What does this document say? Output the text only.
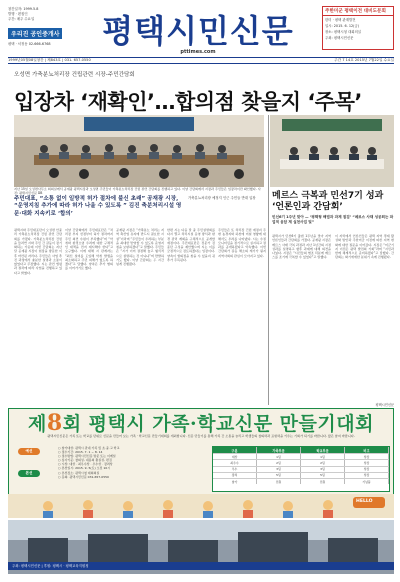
창간일자: 1999.5.8
발행 · 편집인
주간: 매주 수요일
우리진 공인중개사
평택 · 서정동 02-666-6768	평택시민신문
pttimes.com
주한미군 평택이전 대비도문회
한미 · 평택 관계발전
일시: 2015. 6. 12(금)
장소: 평택시청 대회의실
주최: 평택시민신문
1999년05월08일창간 | 제843호 | 031. 657.0550	주간 7 14호 2015년 7월22일 수요일
오성면 가축분뇨처리장 건립관련 시장-주민간담회
입장차 ‘재확인’…합의점 찾을지 ‘주목’
지난 15일 오성면사무소 회의실에서 공재광 평택시장과 오성면 주민들이 가축분뇨처리장 건립 관련 간담회를 진행하고 있다. 이날 간담회에서 시장과 주민들은 입장차이만 확인했다. 사진: 평택시민신문 DB
주민대표, “소통 없이 일방적 허가 절차에 불신 초래” 공재광 시장, “운영지침 추가에 따라 허가 나올 수 있도록 ” 김진 축분처리시설 영문·대화 지속키로 ‘합의’
가축분뇨처리장 예정지 인근 주민들 반대 입장
평택시와 주민대표단이 오성면 안중리 가축분뇨처리장 건립 관련 간담회를 가졌다. 가축분뇨처리장 건립을 둘러싼 시와 주민 간 갈등이 장기화되는 가운데 이번 간담회는 지난달 공재광 시장이 현장을 방문한 이후 마련된 자리다. 주민들은 사업 추진 과정에서 충분한 설명과 소통이 없었다고 주장했다. 시는 관련 법령과 절차에 따라 사업을 진행하고 있다고 밝혔다.
이날 간담회에서 주민대표단은 “처리장 부지 선정부터 허가 절차까지 주민 의견 수렴이 부족했다”며 “악취와 환경오염 우려에 대한 구체적인 대책을 먼저 제시해야 한다”고 요구했다. 이에 대해 시 관계자는 “최신 설비를 도입해 악취 발생을 최소화하고 주민 피해가 없도록 하겠다”고 답했다. 양측은 추가 협의를 이어가기로 했다.
공재광 시장은 “가축분뇨 처리는 지역 축산업 유지에 반드시 필요한 시설”이라며 “주민들이 우려하는 부분을 최대한 반영할 수 있도록 운영지침을 보완하겠다”고 말했다. 주민들은 “시가 이미 결정해 놓고 형식적으로 설명하는 것 아니냐”며 반발하기도 했다. 이날 간담회는 두 시간 넘게 진행됐다.
한편 시는 다음 달 중 주민설명회를 다시 열고 처리시설 운영 방식과 환경 관리 계획을 구체적으로 공개할 예정이다. 주민대표단은 전문가 검증단 구성을 제안했으며 시는 이를 긍정적으로 검토하겠다는 입장이다. 양측이 합의점을 찾을 수 있을지 귀추가 주목된다.
주민들은 또 처리장 건립 예정지 주변 농경지와 하천에 미칠 영향에 대해서도 우려를 나타냈다. 시는 수질 모니터링을 정기적으로 실시하고 결과를 공개하겠다고 약속했다. 이번 간담회가 갈등 해소의 계기가 될지 지역사회의 관심이 모아지고 있다.
메르스 극복과 민선7기 성과 ‘언론인과 간담회’
민선6기 1주년 맞아 — ‘평택형 해법과 과제 점검’ “메르스 사태 성공회는 파업적 응답 제 실천사업 및”
평택시가 민선6기 출범 1주년을 맞아 지역 언론인들과 간담회를 가졌다. 공재광 시장은 메르스 사태 극복 과정과 지난 1년간의 시정 성과를 설명하고 향후 과제에 대해 의견을 나눴다. 시장은 “시민들의 협조 덕분에 메르스를 조기에 극복할 수 있었다”고 말했다.
이 자리에서 언론인들은 평택 지역 경제 활성화 방안과 주한미군 이전에 따른 지역 변화에 대한 질문을 이어갔다. 시장은 “미군기지 이전은 평택 발전의 기회”라며 “시민과 함께 체계적으로 준비하겠다”고 답했다. 간담회는 화기애애한 분위기 속에 진행됐다.
평택시민신문
제8회 평택시 가족·학교신문 만들기대회
평택시민신문은 가족 또는 학교를 단위로 신문을 만들어 보는 가족 · 학교신문 만들기대회를 개최합니다. 신문 만들기를 통해 가족 간 소통을 늘리고 학생들의 창의력과 표현력을 키우는 기회가 되기를 바랍니다. 많은 참여 바랍니다.
예선
본선
○ 참가대상: 평택시 관내 가족 및 초·중·고 학교
○ 접수기간: 2015. 7. 1 ~ 8. 14
○ 접수방법: 평택시민신문 방문 또는 이메일
○ 심사기준: 창의성, 내용의 충실성, 편집
○ 시상: 대상 · 최우수상 · 우수상 · 장려상
○ 본선일시: 2015. 9. 5(토) 오전 10시
○ 본선장소: 평택시청 대회의실
○ 문의: 평택시민신문 031-657-0550
구분	가족부문	학교부문	비고
대상	1팀	1팀	상장
최우수	2팀	2팀	상장
우수	3팀	3팀	상장
장려	5팀	5팀	상장
참가	전원	전원	기념품
HELLO
주최: 평택시민신문 | 후원: 평택시 · 평택교육지원청
